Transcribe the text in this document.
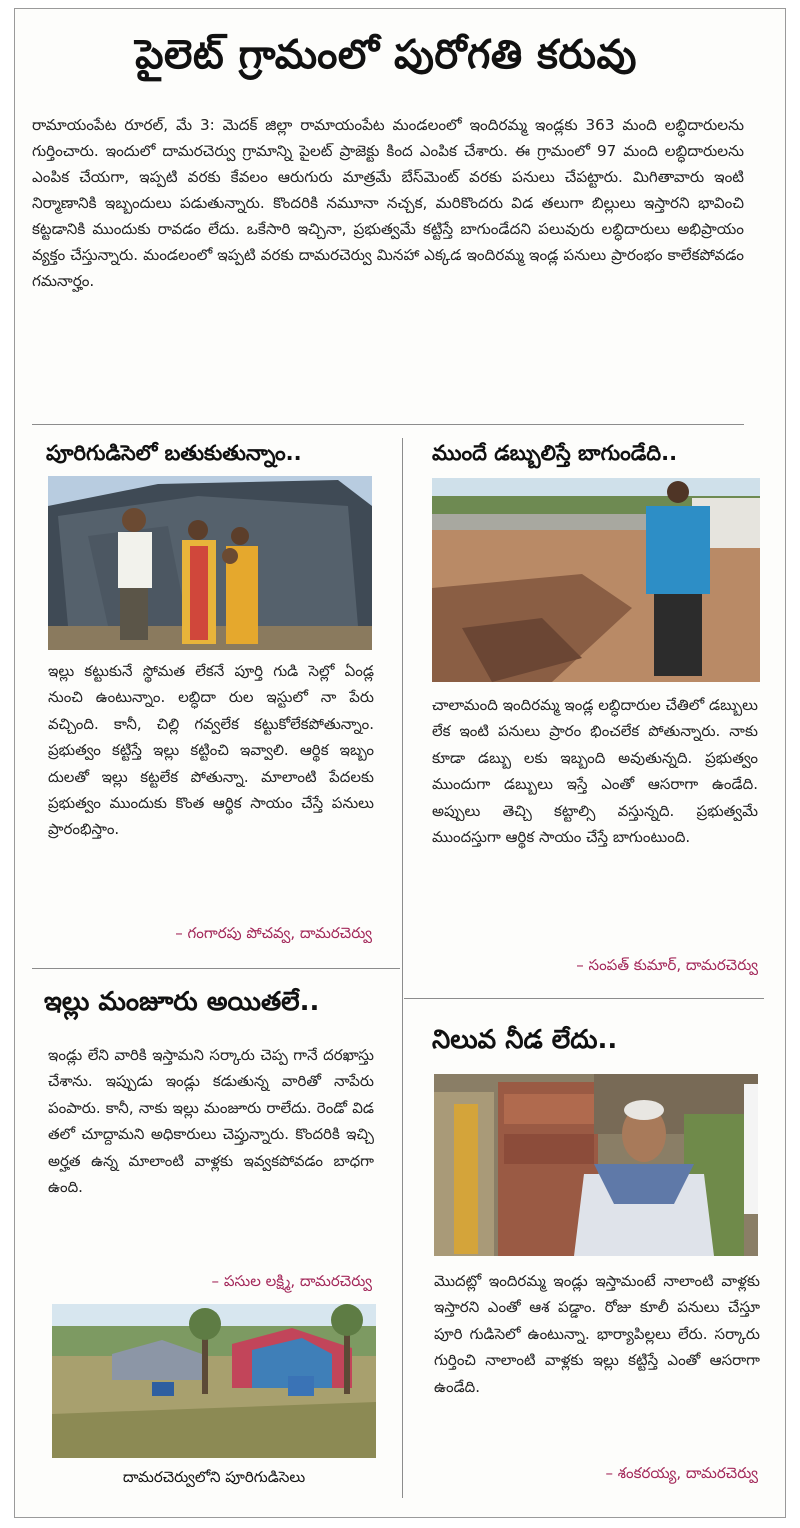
పైలెట్ గ్రామంలో పురోగతి కరువు

రామాయంపేట రూరల్, మే 3: మెదక్ జిల్లా రామాయంపేట మండలంలో ఇందిరమ్మ ఇండ్లకు 363 మంది లబ్ధిదారులను గుర్తించారు. ఇందులో దామరచెర్వు గ్రామాన్ని పైలట్ ప్రాజెక్టు కింద ఎంపిక చేశారు. ఈ గ్రామంలో 97 మంది లబ్ధిదారులను ఎంపిక చేయగా, ఇప్పటి వరకు కేవలం ఆరుగురు మాత్రమే బేస్‌మెంట్ వరకు పనులు చేపట్టారు. మిగితావారు ఇంటి నిర్మాణానికి ఇబ్బందులు పడుతున్నారు. కొందరికి నమూనా నచ్చక, మరికొందరు విడ తలుగా బిల్లులు ఇస్తారని భావించి కట్టడానికి ముందుకు రావడం లేదు. ఒకేసారి ఇచ్చినా, ప్రభుత్వమే కట్టిస్తే బాగుండేదని పలువురు లబ్ధిదారులు అభిప్రాయం వ్యక్తం చేస్తున్నారు. మండలంలో ఇప్పటి వరకు దామరచెర్వు మినహా ఎక్కడ ఇందిరమ్మ ఇండ్ల పనులు ప్రారంభం కాలేకపోవడం గమనార్హం.

పూరిగుడిసెలో బతుకుతున్నాం..

ఇల్లు కట్టుకునే స్థోమత లేకనే పూర్తి గుడి సెల్లో ఏండ్ల నుంచి ఉంటున్నాం. లబ్ధిదా రుల ఇస్టులో నా పేరు వచ్చింది. కానీ, చిల్లి గవ్వలేక కట్టుకోలేకపోతున్నాం. ప్రభుత్వం కట్టిస్తే ఇల్లు కట్టించి ఇవ్వాలి. ఆర్థిక ఇబ్బం దులతో ఇల్లు కట్టలేక పోతున్నా. మాలాంటి పేదలకు ప్రభుత్వం ముందుకు కొంత ఆర్థిక సాయం చేస్తే పనులు ప్రారంభిస్తాం.

– గంగారపు పోచవ్వ, దామరచెర్వు
ముందే డబ్బులిస్తే బాగుండేది..

చాలామంది ఇందిరమ్మ ఇండ్ల లబ్ధిదారుల చేతిలో డబ్బులు లేక ఇంటి పనులు ప్రారం భించలేక పోతున్నారు. నాకు కూడా డబ్బు లకు ఇబ్బంది అవుతున్నది. ప్రభుత్వం ముందుగా డబ్బులు ఇస్తే ఎంతో ఆసరాగా ఉండేది. అప్పులు తెచ్చి కట్టాల్సి వస్తున్నది. ప్రభుత్వమే ముందస్తుగా ఆర్థిక సాయం చేస్తే బాగుంటుంది.

– సంపత్ కుమార్, దామరచెర్వు
ఇల్లు మంజూరు అయితలే..

ఇండ్లు లేని వారికి ఇస్తామని సర్కారు చెప్ప గానే దరఖాస్తు చేశాను. ఇప్పుడు ఇండ్లు కడుతున్న వారితో నాపేరు పంపారు. కానీ, నాకు ఇల్లు మంజూరు రాలేదు. రెండో విడ తలో చూద్దామని అధికారులు చెప్తున్నారు. కొందరికి ఇచ్చి అర్హత ఉన్న మాలాంటి వాళ్లకు ఇవ్వకపోవడం బాధగా ఉంది.

– పసుల లక్ష్మి, దామరచెర్వు
దామరచెర్వులోని పూరిగుడిసెలు
నిలువ నీడ లేదు..

మొదట్లో ఇందిరమ్మ ఇండ్లు ఇస్తామంటే నాలాంటి వాళ్లకు ఇస్తారని ఎంతో ఆశ పడ్డాం. రోజు కూలీ పనులు చేస్తూ పూరి గుడిసెలో ఉంటున్నా. భార్యాపిల్లలు లేరు. సర్కారు గుర్తించి నాలాంటి వాళ్లకు ఇల్లు కట్టిస్తే ఎంతో ఆసరాగా ఉండేది.

– శంకరయ్య, దామరచెర్వు
